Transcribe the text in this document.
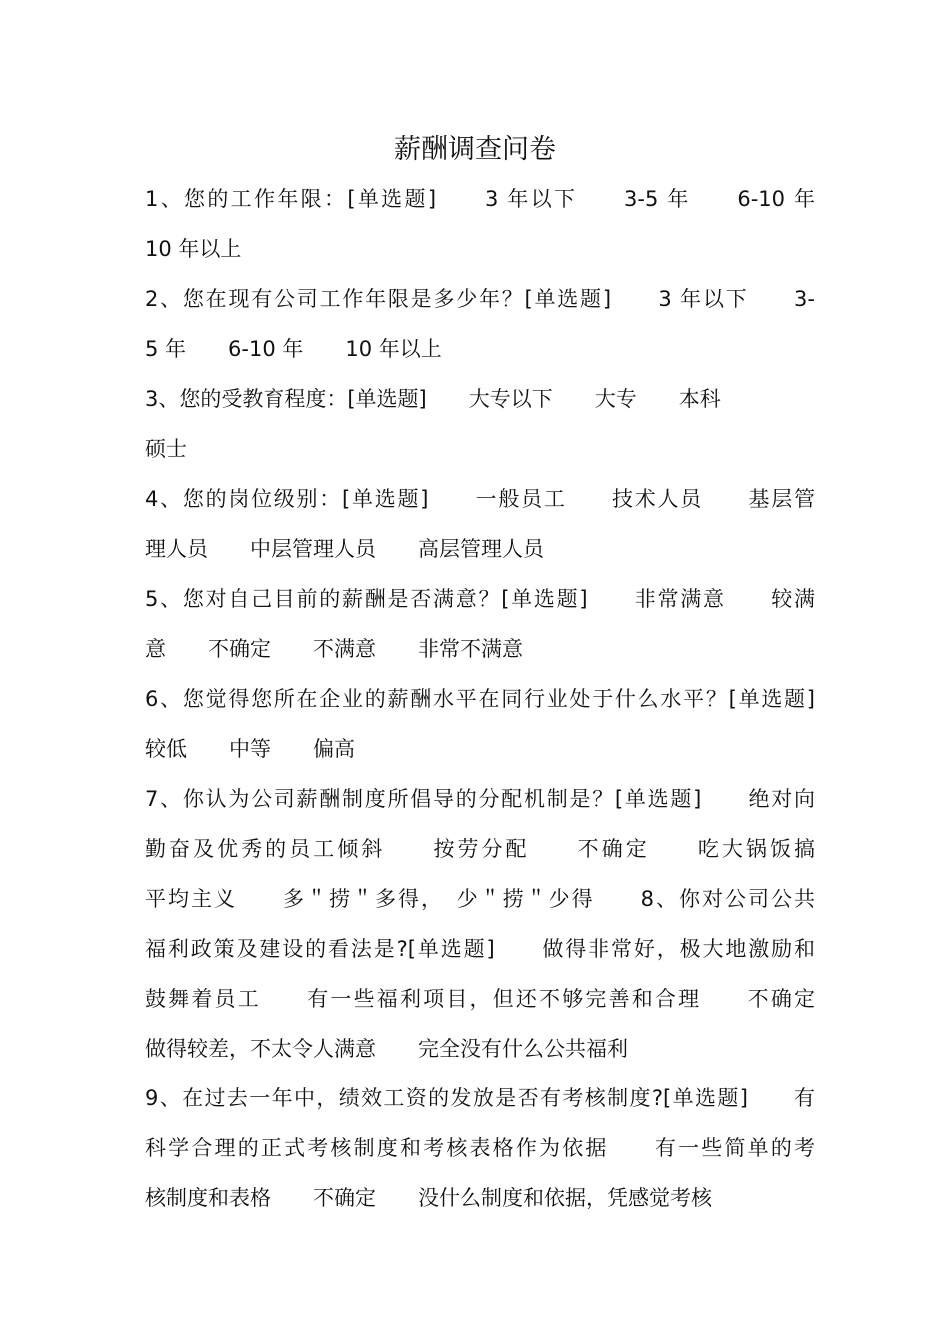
薪酬调查问卷

1、您的工作年限：[单选题]　　3 年以下　　3-5 年　　6-10 年

10 年以上

2、您在现有公司工作年限是多少年？[单选题]　　3 年以下　　3-

5 年　　6-10 年　　10 年以上

3、您的受教育程度：[单选题]　　大专以下　　大专　　本科

硕士

4、您的岗位级别：[单选题]　　一般员工　　技术人员　　基层管

理人员　　中层管理人员　　高层管理人员

5、您对自己目前的薪酬是否满意？[单选题]　　非常满意　　较满

意　　不确定　　不满意　　非常不满意

6、您觉得您所在企业的薪酬水平在同行业处于什么水平？[单选题]

较低　　中等　　偏高

7、你认为公司薪酬制度所倡导的分配机制是？[单选题]　　绝对向

勤奋及优秀的员工倾斜　　按劳分配　　不确定　　吃大锅饭搞

平均主义　　多＂捞＂多得，　少＂捞＂少得　　8、你对公司公共

福利政策及建设的看法是?[单选题]　　做得非常好，极大地激励和

鼓舞着员工　　有一些福利项目，但还不够完善和合理　　不确定

做得较差，不太令人满意　　完全没有什么公共福利

9、在过去一年中，绩效工资的发放是否有考核制度?[单选题]　　有

科学合理的正式考核制度和考核表格作为依据　　有一些简单的考

核制度和表格　　不确定　　没什么制度和依据，凭感觉考核
